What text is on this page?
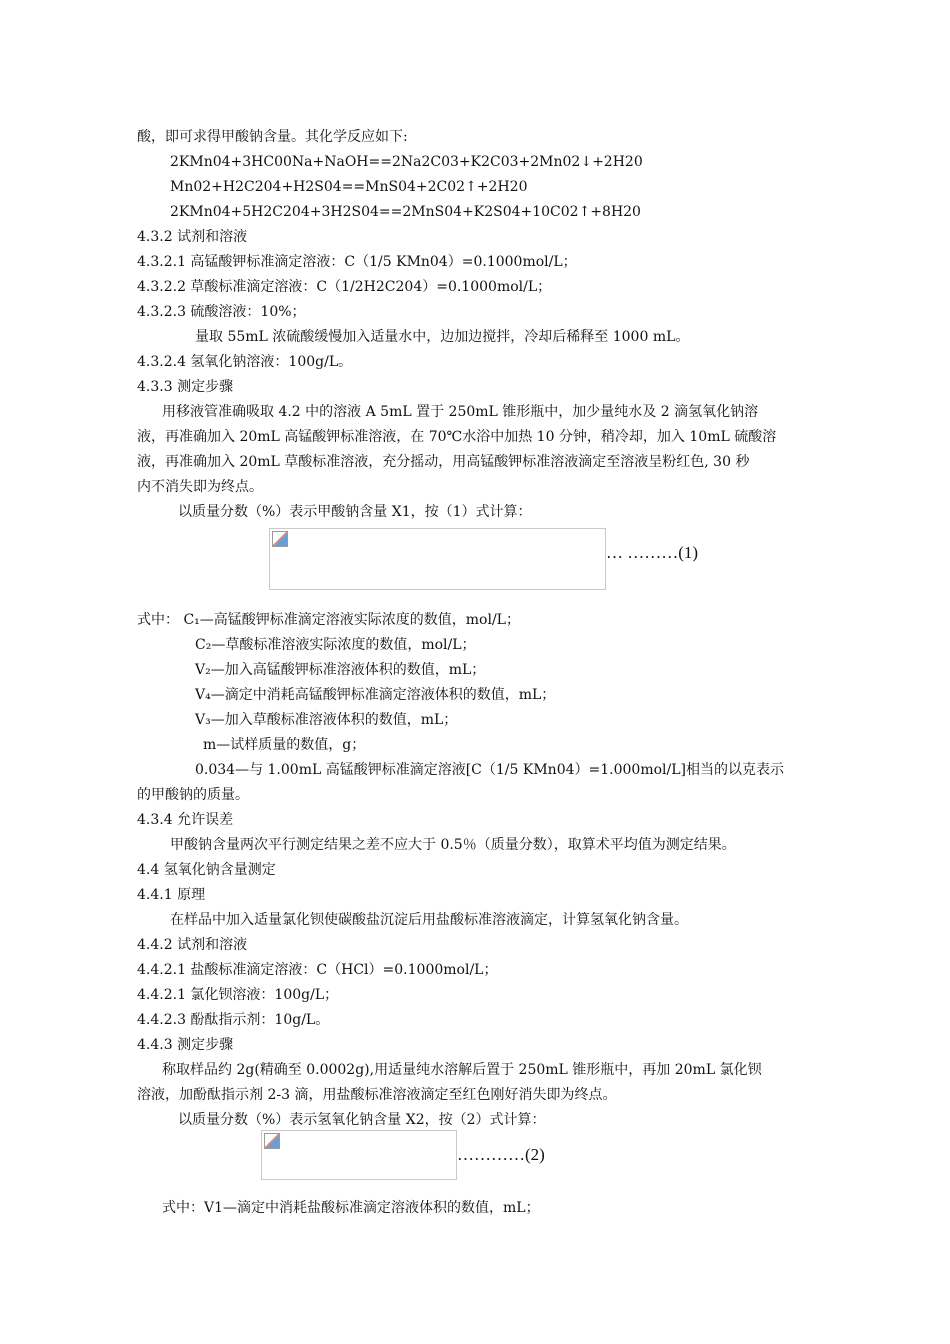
酸，即可求得甲酸钠含量。其化学反应如下:
2KMn04+3HC00Na+NaOH==2Na2C03+K2C03+2Mn02↓+2H20
Mn02+H2C204+H2S04==MnS04+2C02↑+2H20
2KMn04+5H2C204+3H2S04==2MnS04+K2S04+10C02↑+8H20
4.3.2 试剂和溶液
4.3.2.1 高锰酸钾标准滴定溶液：C（1/5 KMn04）=0.1000mol/L；
4.3.2.2 草酸标准滴定溶液：C（1/2H2C204）=0.1000mol/L；
4.3.2.3 硫酸溶液：10%；
量取 55mL 浓硫酸缓慢加入适量水中，边加边搅拌，冷却后稀释至 1000 mL。
4.3.2.4 氢氧化钠溶液：100g/L。
4.3.3 测定步骤
用移液管准确吸取 4.2 中的溶液 A 5mL 置于 250mL 锥形瓶中，加少量纯水及 2 滴氢氧化钠溶
液，再准确加入 20mL 高锰酸钾标准溶液，在 70℃水浴中加热 10 分钟，稍冷却，加入 10mL 硫酸溶
液，再准确加入 20mL 草酸标准溶液，充分摇动，用高锰酸钾标准溶液滴定至溶液呈粉红色, 30 秒
内不消失即为终点。
以质量分数（%）表示甲酸钠含量 X1，按（1）式计算：
式中： C₁—高锰酸钾标准滴定溶液实际浓度的数值，mol/L；
C₂—草酸标准溶液实际浓度的数值，mol/L；
V₂—加入高锰酸钾标准溶液体积的数值，mL；
V₄—滴定中消耗高锰酸钾标准滴定溶液体积的数值，mL；
V₃—加入草酸标准溶液体积的数值，mL；
m—试样质量的数值，g；
0.034—与 1.00mL 高锰酸钾标准滴定溶液[C（1/5 KMn04）=1.000mol/L]相当的以克表示
的甲酸钠的质量。
4.3.4 允许误差
甲酸钠含量两次平行测定结果之差不应大于 0.5％（质量分数），取算术平均值为测定结果。
4.4 氢氧化钠含量测定
4.4.1 原理
在样品中加入适量氯化钡使碳酸盐沉淀后用盐酸标准溶液滴定，计算氢氧化钠含量。
4.4.2 试剂和溶液
4.4.2.1 盐酸标准滴定溶液：C（HCl）=0.1000mol/L；
4.4.2.1 氯化钡溶液：100g/L；
4.4.2.3 酚酞指示剂：10g/L。
4.4.3 测定步骤
称取样品约 2g(精确至 0.0002g),用适量纯水溶解后置于 250mL 锥形瓶中，再加 20mL 氯化钡
溶液，加酚酞指示剂 2-3 滴，用盐酸标准溶液滴定至红色刚好消失即为终点。
以质量分数（%）表示氢氧化钠含量 X2，按（2）式计算：
式中：V1—滴定中消耗盐酸标准滴定溶液体积的数值，mL；
… ………(1)
…………(2)
